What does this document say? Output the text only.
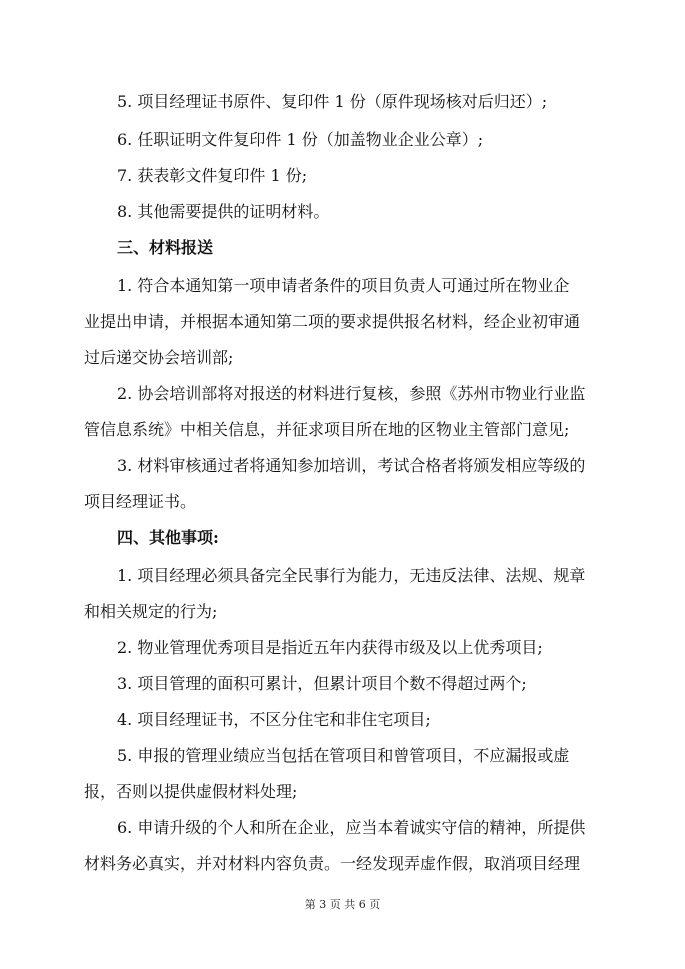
5. 项目经理证书原件、复印件 1 份（原件现场核对后归还）;
6. 任职证明文件复印件 1 份（加盖物业企业公章）;
7. 获表彰文件复印件 1 份;
8. 其他需要提供的证明材料。
三、材料报送
1. 符合本通知第一项申请者条件的项目负责人可通过所在物业企
业提出申请，并根据本通知第二项的要求提供报名材料，经企业初审通
过后递交协会培训部;
2. 协会培训部将对报送的材料进行复核，参照《苏州市物业行业监
管信息系统》中相关信息，并征求项目所在地的区物业主管部门意见;
3. 材料审核通过者将通知参加培训，考试合格者将颁发相应等级的
项目经理证书。
四、其他事项:
1. 项目经理必须具备完全民事行为能力，无违反法律、法规、规章
和相关规定的行为;
2. 物业管理优秀项目是指近五年内获得市级及以上优秀项目;
3. 项目管理的面积可累计，但累计项目个数不得超过两个;
4. 项目经理证书，不区分住宅和非住宅项目;
5. 申报的管理业绩应当包括在管项目和曾管项目，不应漏报或虚
报，否则以提供虚假材料处理;
6. 申请升级的个人和所在企业，应当本着诚实守信的精神，所提供
材料务必真实，并对材料内容负责。一经发现弄虚作假，取消项目经理
第 3 页 共 6 页
